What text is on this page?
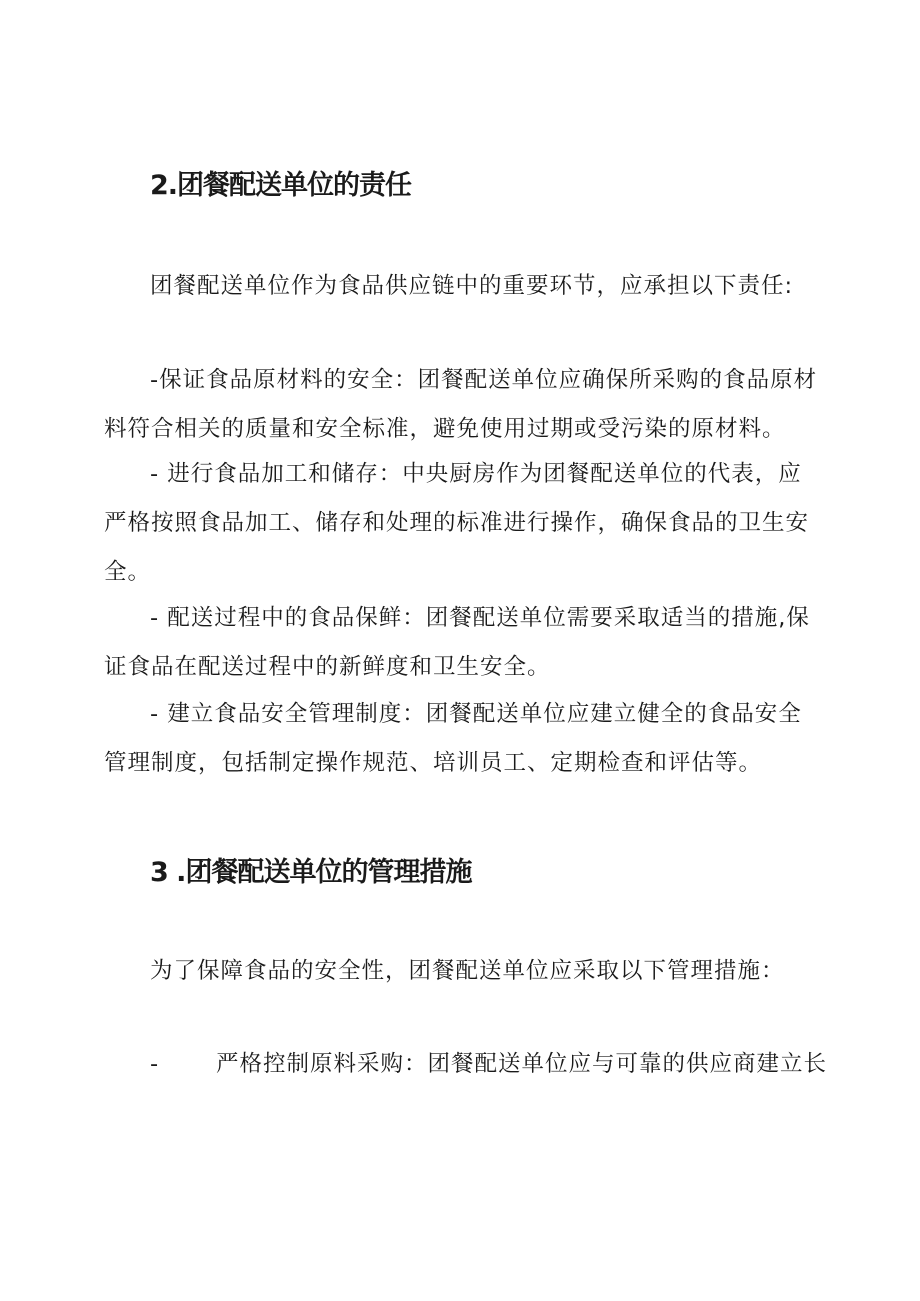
2.团餐配送单位的责任
团餐配送单位作为食品供应链中的重要环节，应承担以下责任:
-保证食品原材料的安全：团餐配送单位应确保所采购的食品原材
料符合相关的质量和安全标准，避免使用过期或受污染的原材料。
- 进行食品加工和储存：中央厨房作为团餐配送单位的代表，应
严格按照食品加工、储存和处理的标准进行操作，确保食品的卫生安
全。
- 配送过程中的食品保鲜：团餐配送单位需要采取适当的措施,保
证食品在配送过程中的新鲜度和卫生安全。
- 建立食品安全管理制度：团餐配送单位应建立健全的食品安全
管理制度，包括制定操作规范、培训员工、定期检查和评估等。
3 .团餐配送单位的管理措施
为了保障食品的安全性，团餐配送单位应采取以下管理措施：
-	严格控制原料采购：团餐配送单位应与可靠的供应商建立长
